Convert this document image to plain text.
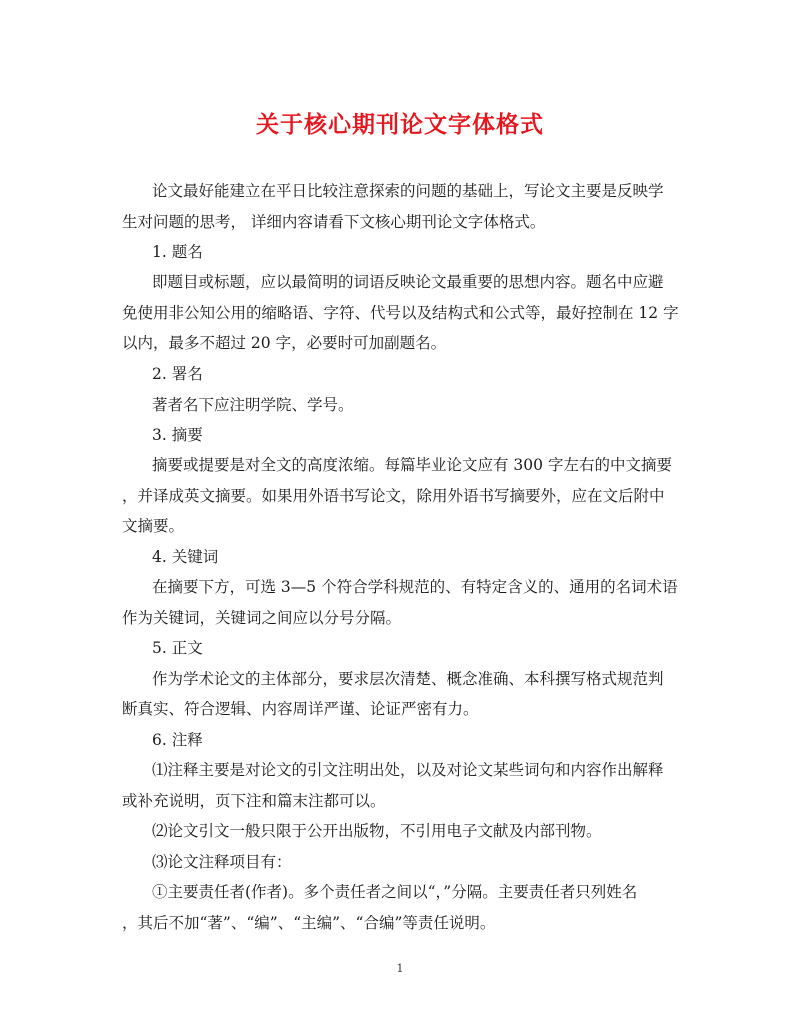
关于核心期刊论文字体格式

论文最好能建立在平日比较注意探索的问题的基础上，写论文主要是反映学

生对问题的思考， 详细内容请看下文核心期刊论文字体格式。

1. 题名

即题目或标题，应以最简明的词语反映论文最重要的思想内容。题名中应避

免使用非公知公用的缩略语、字符、代号以及结构式和公式等，最好控制在 12 字

以内，最多不超过 20 字，必要时可加副题名。

2. 署名

著者名下应注明学院、学号。

3. 摘要

摘要或提要是对全文的高度浓缩。每篇毕业论文应有 300 字左右的中文摘要

，并译成英文摘要。如果用外语书写论文，除用外语书写摘要外，应在文后附中

文摘要。

4. 关键词

在摘要下方，可选 3—5 个符合学科规范的、有特定含义的、通用的名词术语

作为关键词，关键词之间应以分号分隔。

5. 正文

作为学术论文的主体部分，要求层次清楚、概念准确、本科撰写格式规范判

断真实、符合逻辑、内容周详严谨、论证严密有力。

6. 注释

⑴注释主要是对论文的引文注明出处，以及对论文某些词句和内容作出解释

或补充说明，页下注和篇末注都可以。

⑵论文引文一般只限于公开出版物，不引用电子文献及内部刊物。

⑶论文注释项目有：

①主要责任者(作者)。多个责任者之间以“，”分隔。主要责任者只列姓名

，其后不加“著”、“编”、“主编”、“合编”等责任说明。

1
